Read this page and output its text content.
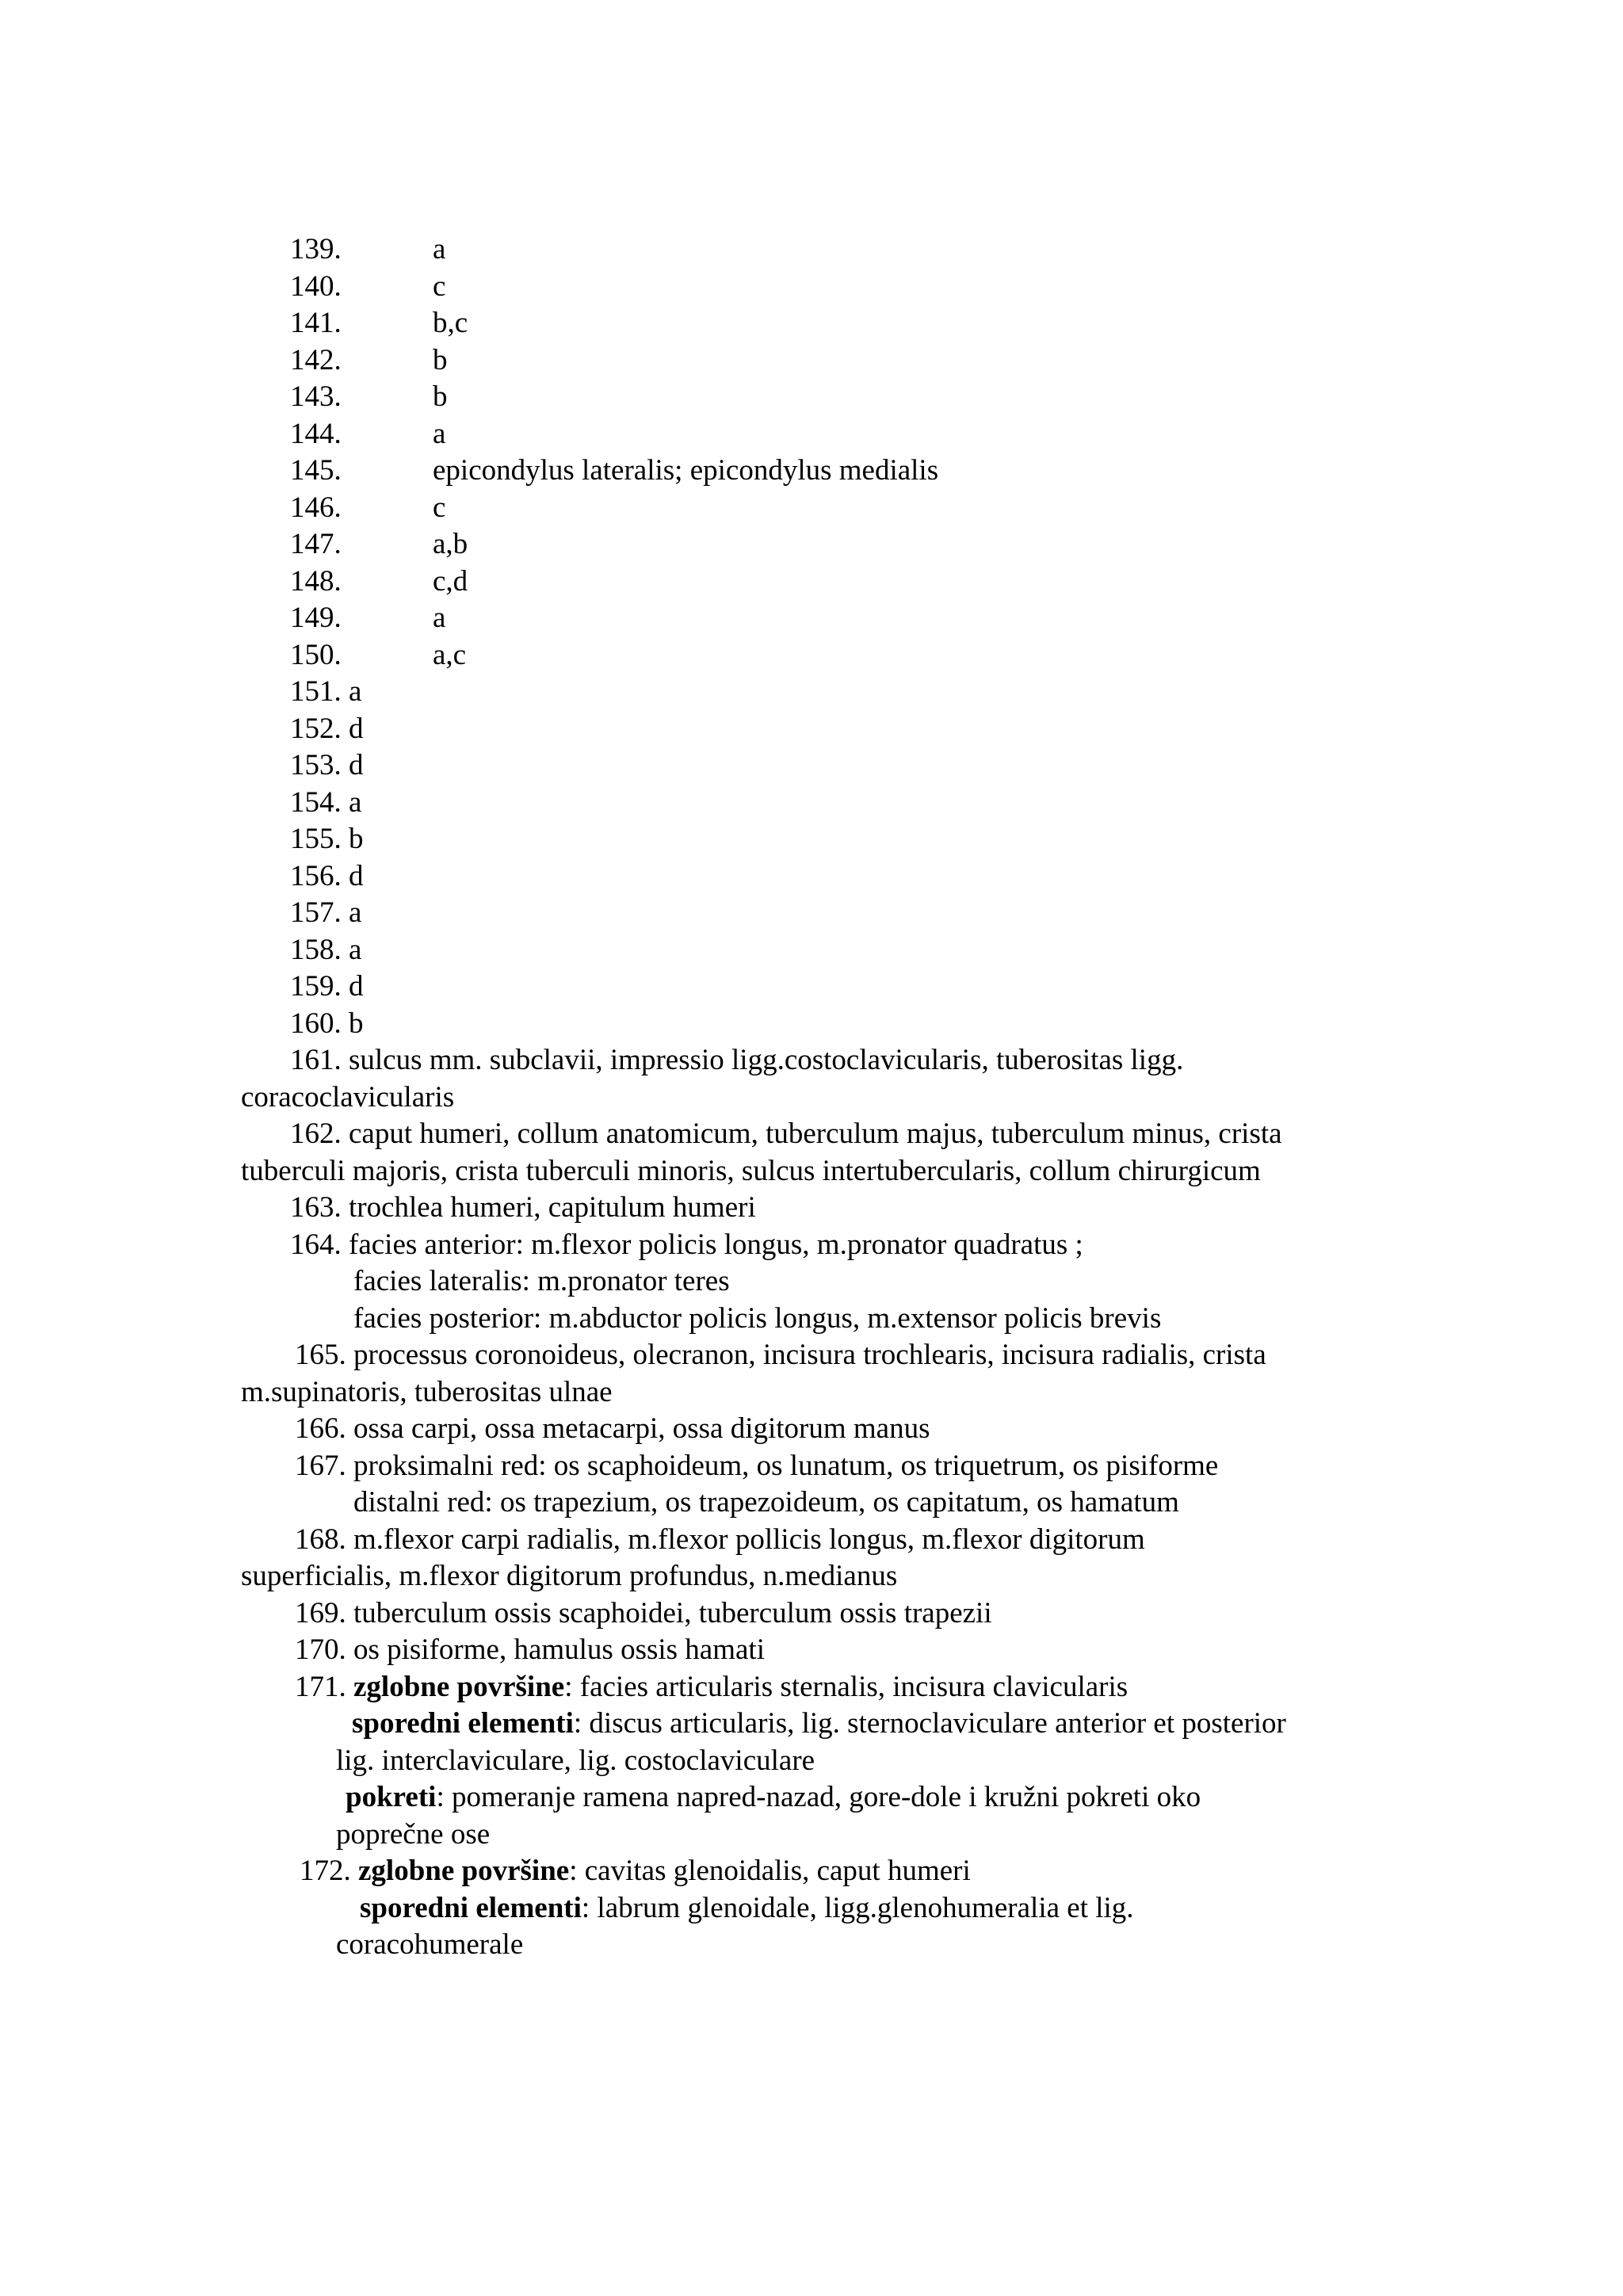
139.	a
140.	c
141.	b,c
142.	b
143.	b
144.	a
145.	epicondylus lateralis; epicondylus medialis
146.	c
147.	a,b
148.	c,d
149.	a
150.	a,c
151. a
152. d
153. d
154. a
155. b
156. d
157. a
158. a
159. d
160. b
161. sulcus mm. subclavii, impressio ligg.costoclavicularis, tuberositas ligg.
coracoclavicularis
162. caput humeri, collum anatomicum, tuberculum majus, tuberculum minus, crista
tuberculi majoris, crista tuberculi minoris, sulcus intertubercularis, collum chirurgicum
163. trochlea humeri, capitulum humeri
164. facies anterior: m.flexor policis longus, m.pronator quadratus ;
facies lateralis: m.pronator teres
facies posterior: m.abductor policis longus, m.extensor policis brevis
165. processus coronoideus, olecranon, incisura trochlearis, incisura radialis, crista
m.supinatoris, tuberositas ulnae
166. ossa carpi, ossa metacarpi, ossa digitorum manus
167. proksimalni red: os scaphoideum, os lunatum, os triquetrum, os pisiforme
distalni red: os trapezium, os trapezoideum, os capitatum, os hamatum
168. m.flexor carpi radialis, m.flexor pollicis longus, m.flexor digitorum
superficialis, m.flexor digitorum profundus, n.medianus
169. tuberculum ossis scaphoidei, tuberculum ossis trapezii
170. os pisiforme, hamulus ossis hamati
171. zglobne površine: facies articularis sternalis, incisura clavicularis
sporedni elementi: discus articularis, lig. sternoclaviculare anterior et posterior
lig. interclaviculare, lig. costoclaviculare
pokreti: pomeranje ramena napred-nazad, gore-dole i kružni pokreti oko
poprečne ose
172. zglobne površine: cavitas glenoidalis, caput humeri
sporedni elementi: labrum glenoidale, ligg.glenohumeralia et lig.
coracohumerale
